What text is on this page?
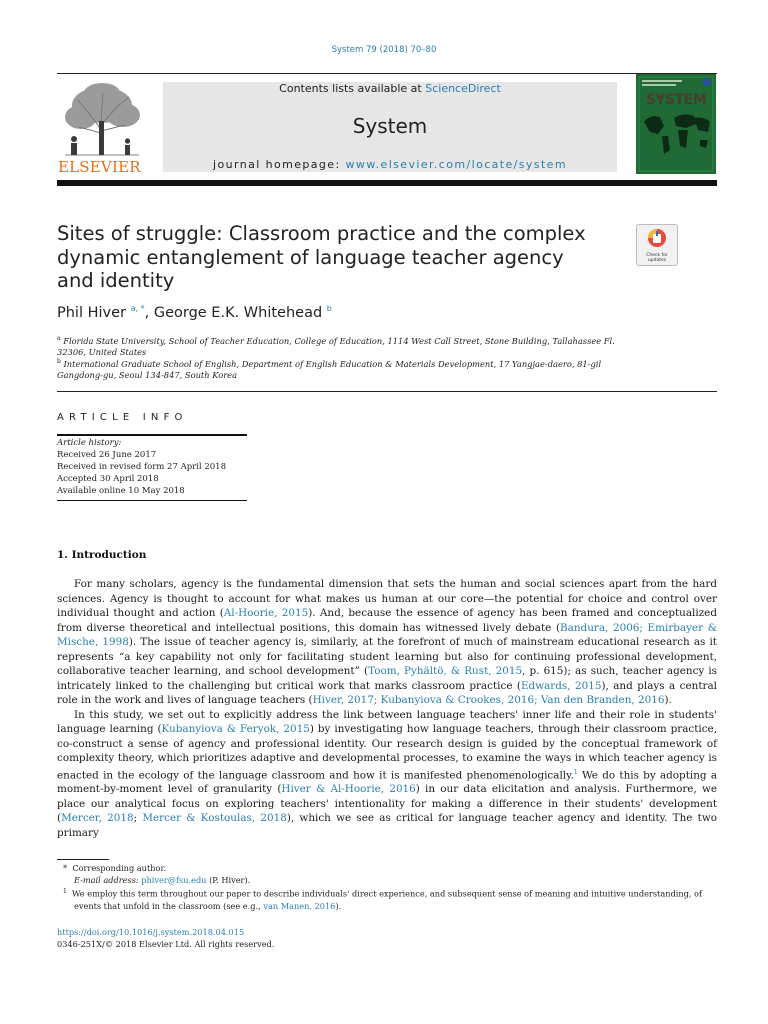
System 79 (2018) 70–80
ELSEVIER
Contents lists available at ScienceDirect
System
journal homepage: www.elsevier.com/locate/system
SYSTEM
Sites of struggle: Classroom practice and the complex dynamic entanglement of language teacher agency and identity
Check for updates
Phil Hiver $^{a, *}$, George E.K. Whitehead $^b$
$^a$ Florida State University, School of Teacher Education, College of Education, 1114 West Call Street, Stone Building, Tallahassee Fl. 32306, United States
$^b$ International Graduate School of English, Department of English Education & Materials Development, 17 Yangjae-daero, 81-gil Gangdong-gu, Seoul 134-847, South Korea
ARTICLE INFO
Article history:
Received 26 June 2017
Received in revised form 27 April 2018
Accepted 30 April 2018
Available online 10 May 2018
1. Introduction

For many scholars, agency is the fundamental dimension that sets the human and social sciences apart from the hard sciences. Agency is thought to account for what makes us human at our core—the potential for choice and control over individual thought and action (Al-Hoorie, 2015). And, because the essence of agency has been framed and conceptualized from diverse theoretical and intellectual positions, this domain has witnessed lively debate (Bandura, 2006; Emirbayer & Mische, 1998). The issue of teacher agency is, similarly, at the forefront of much of mainstream educational research as it represents “a key capability not only for facilitating student learning but also for continuing professional development, collaborative teacher learning, and school development” (Toom, Pyhältö, & Rust, 2015, p. 615); as such, teacher agency is intricately linked to the challenging but critical work that marks classroom practice (Edwards, 2015), and plays a central role in the work and lives of language teachers (Hiver, 2017; Kubanyiova & Crookes, 2016; Van den Branden, 2016).

In this study, we set out to explicitly address the link between language teachers' inner life and their role in students' language learning (Kubanyiova & Feryok, 2015) by investigating how language teachers, through their classroom practice, co-construct a sense of agency and professional identity. Our research design is guided by the conceptual framework of complexity theory, which prioritizes adaptive and developmental processes, to examine the ways in which teacher agency is enacted in the ecology of the language classroom and how it is manifested phenomenologically.$^1$ We do this by adopting a moment-by-moment level of granularity (Hiver & Al-Hoorie, 2016) in our data elicitation and analysis. Furthermore, we place our analytical focus on exploring teachers' intentionality for making a difference in their students' development (Mercer, 2018; Mercer & Kostoulas, 2018), which we see as critical for language teacher agency and identity. The two primary

* Corresponding author.
E-mail address: phiver@fsu.edu (P. Hiver).
$^1$ We employ this term throughout our paper to describe individuals' direct experience, and subsequent sense of meaning and intuitive understanding, of events that unfold in the classroom (see e.g., van Manen, 2016).
https://doi.org/10.1016/j.system.2018.04.015
0346-251X/© 2018 Elsevier Ltd. All rights reserved.
